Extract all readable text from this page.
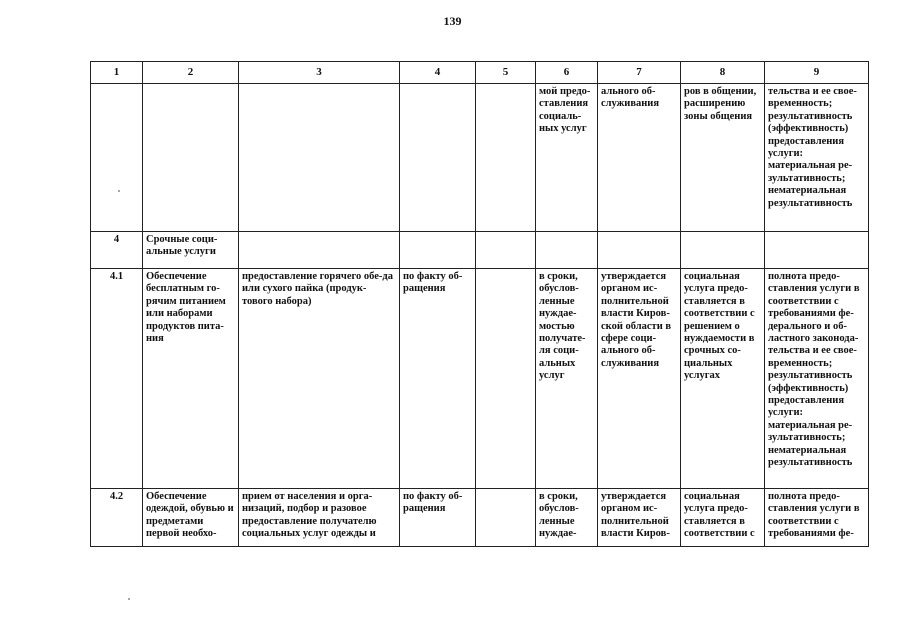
139
1	2	3	4	5	6	7	8	9
					мой предо-ставления социаль-ных услуг	ального об-служивания	ров в общении, расширению зоны общения	тельства и ее свое-временность; результативность (эффективность) предоставления услуги: материальная ре-зультативность; нематериальная результативность
4	Срочные соци-альные услуги							
4.1	Обеспечение бесплатным го-рячим питанием или наборами продуктов пита-ния	предоставление горячего обе-да или сухого пайка (продук-тового набора)	по факту об-ращения		в сроки, обуслов-ленные нуждае-мостью получате-ля соци-альных услуг	утверждается органом ис-полнительной власти Киров-ской области в сфере соци-ального об-служивания	социальная услуга предо-ставляется в соответствии с решением о нуждаемости в срочных со-циальных услугах	полнота предо-ставления услуги в соответствии с требованиями фе-дерального и об-ластного законода-тельства и ее свое-временность; результативность (эффективность) предоставления услуги: материальная ре-зультативность; нематериальная результативность
4.2	Обеспечение одеждой, обувью и предметами первой необхо-	прием от населения и орга-низаций, подбор и разовое предоставление получателю социальных услуг одежды и	по факту об-ращения		в сроки, обуслов-ленные нуждае-	утверждается органом ис-полнительной власти Киров-	социальная услуга предо-ставляется в соответствии с	полнота предо-ставления услуги в соответствии с требованиями фе-
